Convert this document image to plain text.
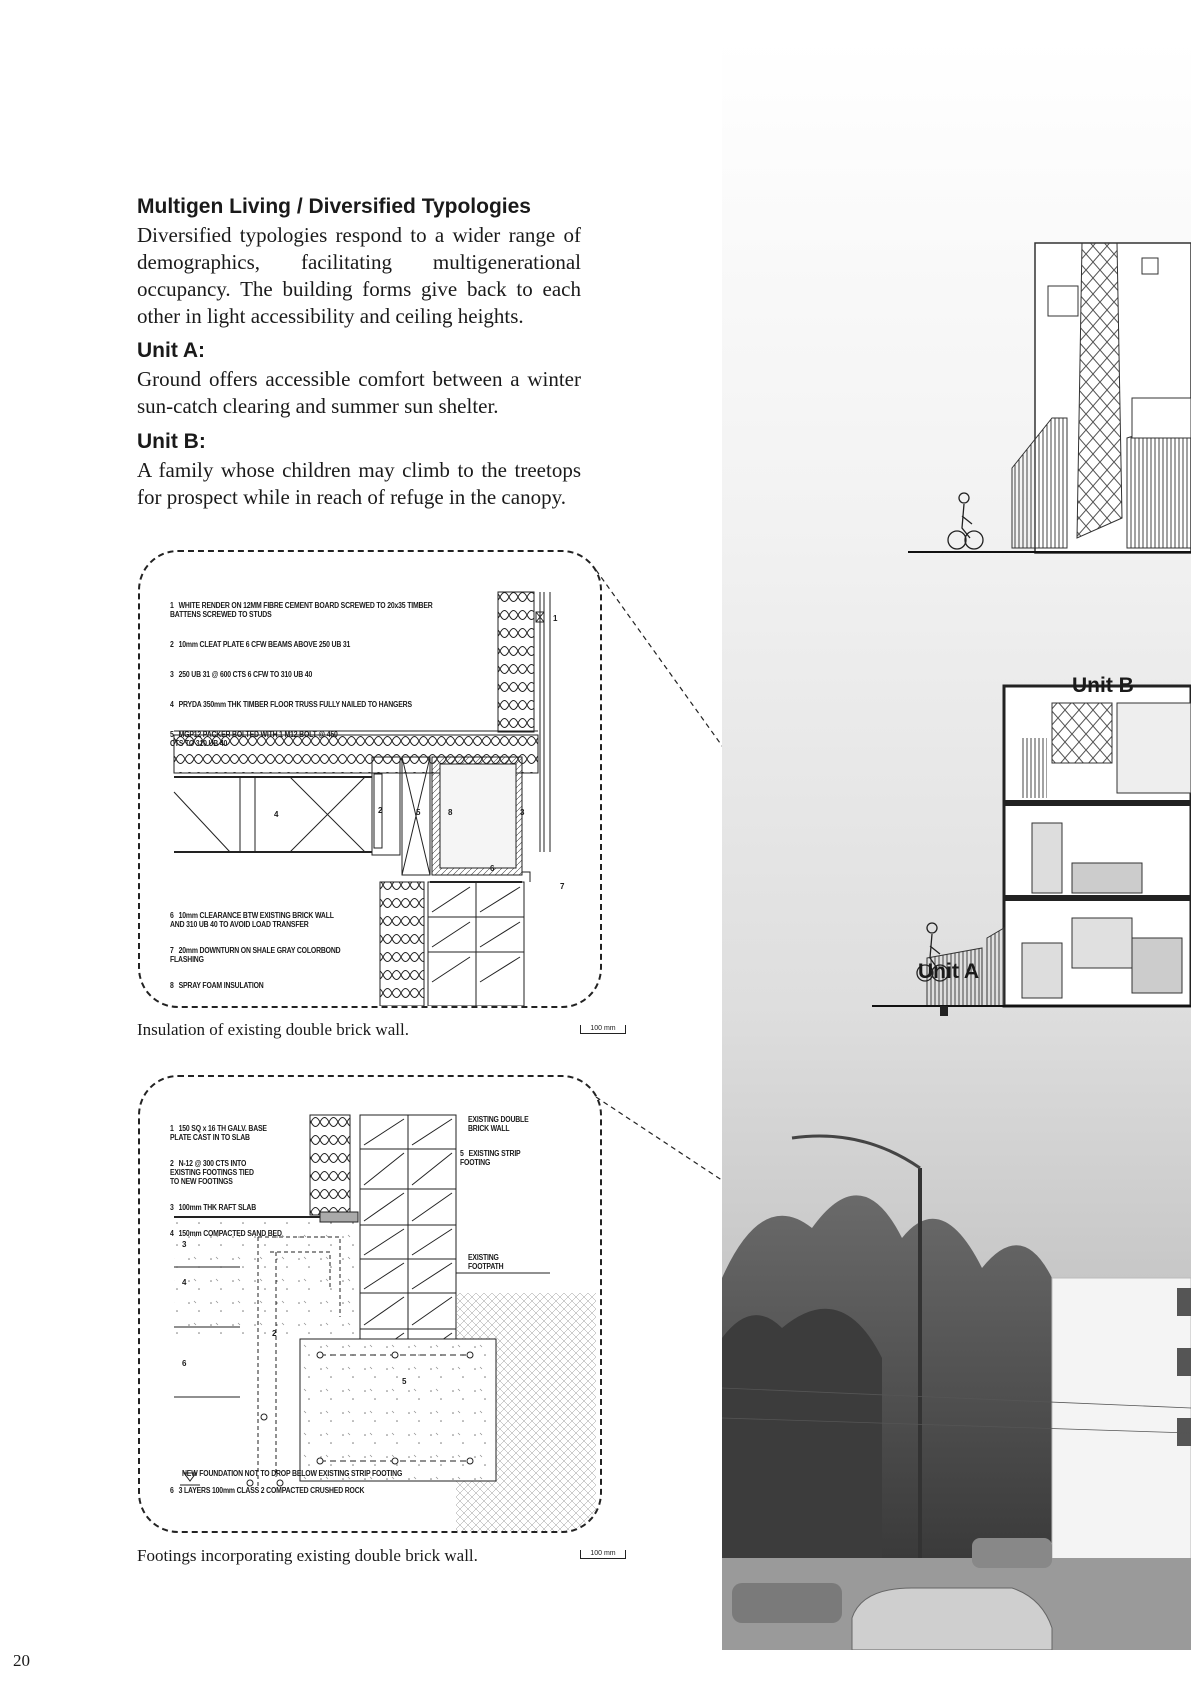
Multigen Living / Diversified Typologies

Diversified typologies respond to a wider range of demographics, facilitating multigenerational occupancy. The building forms give back to each other in light accessibility and ceiling heights.

Unit A:

Ground offers accessible comfort between a winter sun-catch clearing and summer sun shelter.

Unit B:

A family whose children may climb to the treetops for prospect while in reach of refuge in the canopy.

1 WHITE RENDER ON 12MM FIBRE CEMENT BOARD SCREWED TO 20x35 TIMBER
BATTENS SCREWED TO STUDS

2 10mm CLEAT PLATE 6 CFW BEAMS ABOVE 250 UB 31

3 250 UB 31 @ 600 CTS 6 CFW TO 310 UB 40

4 PRYDA 350mm THK TIMBER FLOOR TRUSS FULLY NAILED TO HANGERS

5 MGP12 PACKER BOLTED WITH 1 M12 BOLT @ 450
CTS TO 310 UB 40

6 10mm CLEARANCE BTW EXISTING BRICK WALL
AND 310 UB 40 TO AVOID LOAD TRANSFER

7 20mm DOWNTURN ON SHALE GRAY COLORBOND
FLASHING

8 SPRAY FOAM INSULATION

1
2	3
4	5
6
7
8
Insulation of existing double brick wall.	100 mm

1 150 SQ x 16 TH GALV. BASE
PLATE CAST IN TO SLAB

2 N-12 @ 300 CTS INTO
EXISTING FOOTINGS TIED
TO NEW FOOTINGS

3 100mm THK RAFT SLAB

4 150mm COMPACTED SAND BED

EXISTING DOUBLE
BRICK WALL
5 EXISTING STRIP
FOOTING
EXISTING
FOOTPATH
NEW FOUNDATION NOT TO DROP BELOW EXISTING STRIP FOOTING
6 3 LAYERS 100mm CLASS 2 COMPACTED CRUSHED ROCK
2
3
4
5
6
Footings incorporating existing double brick wall.	100 mm
Unit B
Unit A
20
